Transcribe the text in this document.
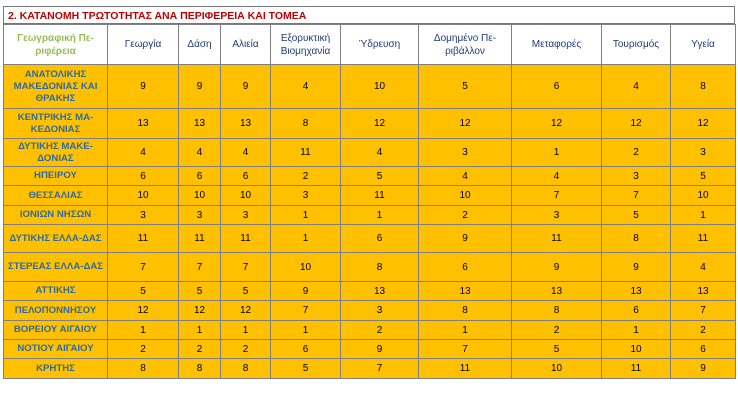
2. ΚΑΤΑΝΟΜΗ ΤΡΩΤΟΤΗΤΑΣ ΑΝΑ ΠΕΡΙΦΕΡΕΙΑ ΚΑΙ ΤΟΜΕΑ
Γεωγραφική Πε-ριφέρεια	Γεωργία	Δάση	Αλιεία	Εξορυκτική Βιομηχανία	Ύδρευση	Δομημένο Πε-ριβάλλον	Μεταφορές	Τουρισμός	Υγεία
ΑΝΑΤΟΛΙΚΗΣ ΜΑΚΕΔΟΝΙΑΣ ΚΑΙ ΘΡΑΚΗΣ	9	9	9	4	10	5	6	4	8
ΚΕΝΤΡΙΚΗΣ ΜΑ-ΚΕΔΟΝΙΑΣ	13	13	13	8	12	12	12	12	12
ΔΥΤΙΚΗΣ ΜΑΚΕ-ΔΟΝΙΑΣ	4	4	4	11	4	3	1	2	3
ΗΠΕΙΡΟΥ	6	6	6	2	5	4	4	3	5
ΘΕΣΣΑΛΙΑΣ	10	10	10	3	11	10	7	7	10
ΙΟΝΙΩΝ ΝΗΣΩΝ	3	3	3	1	1	2	3	5	1
ΔΥΤΙΚΗΣ ΕΛΛΑ-ΔΑΣ	11	11	11	1	6	9	11	8	11
ΣΤΕΡΕΑΣ ΕΛΛΑ-ΔΑΣ	7	7	7	10	8	6	9	9	4
ΑΤΤΙΚΗΣ	5	5	5	9	13	13	13	13	13
ΠΕΛΟΠΟΝΝΗΣΟΥ	12	12	12	7	3	8	8	6	7
ΒΟΡΕΙΟΥ ΑΙΓΑΙΟΥ	1	1	1	1	2	1	2	1	2
ΝΟΤΙΟΥ ΑΙΓΑΙΟΥ	2	2	2	6	9	7	5	10	6
ΚΡΗΤΗΣ	8	8	8	5	7	11	10	11	9
